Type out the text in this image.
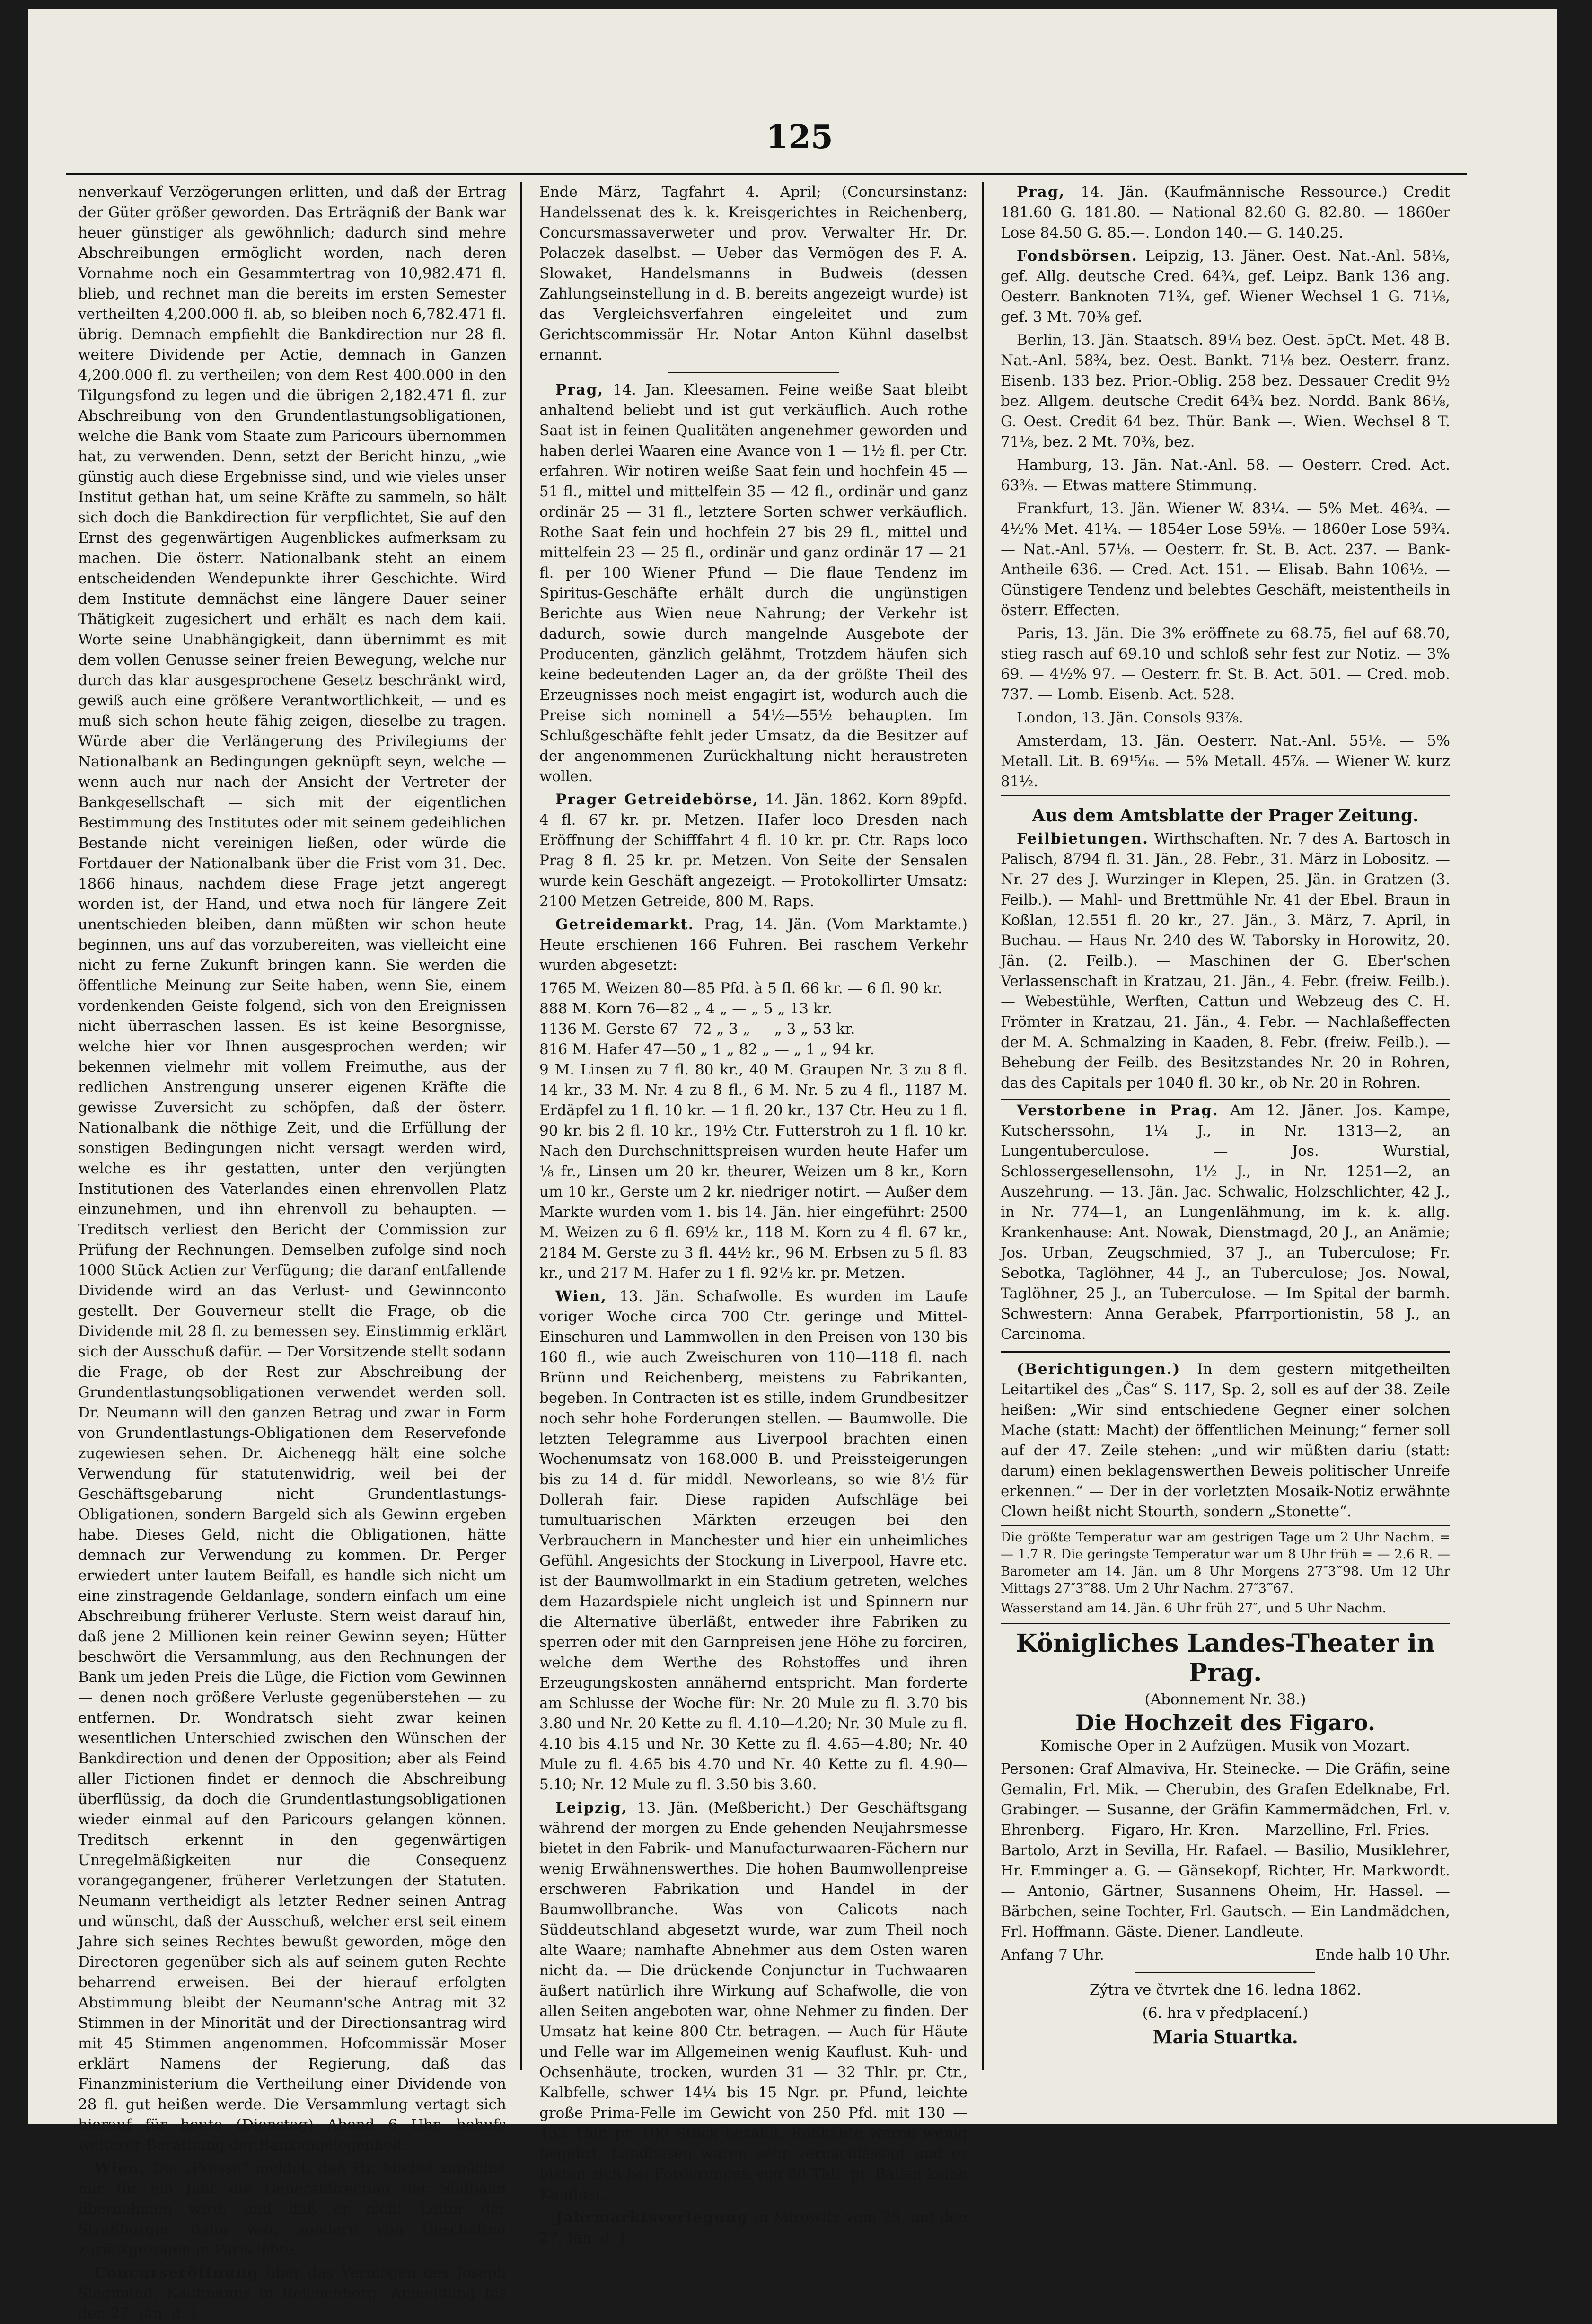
125

nenverkauf Verzögerungen erlitten, und daß der Ertrag der Güter größer geworden. Das Erträgniß der Bank war heuer günstiger als gewöhnlich; dadurch sind mehre Abschreibungen ermöglicht worden, nach deren Vornahme noch ein Gesammtertrag von 10,982.471 fl. blieb, und rechnet man die bereits im ersten Semester vertheilten 4,200.000 fl. ab, so bleiben noch 6,782.471 fl. übrig. Demnach empfiehlt die Bankdirection nur 28 fl. weitere Dividende per Actie, demnach in Ganzen 4,200.000 fl. zu vertheilen; von dem Rest 400.000 in den Tilgungsfond zu legen und die übrigen 2,182.471 fl. zur Abschreibung von den Grundentlastungsobligationen, welche die Bank vom Staate zum Paricours übernommen hat, zu verwenden. Denn, setzt der Bericht hinzu, „wie günstig auch diese Ergebnisse sind, und wie vieles unser Institut gethan hat, um seine Kräfte zu sammeln, so hält sich doch die Bankdirection für verpflichtet, Sie auf den Ernst des gegenwärtigen Augenblickes aufmerksam zu machen. Die österr. Nationalbank steht an einem entscheidenden Wendepunkte ihrer Geschichte. Wird dem Institute demnächst eine längere Dauer seiner Thätigkeit zugesichert und erhält es nach dem kaii. Worte seine Unabhängigkeit, dann übernimmt es mit dem vollen Genusse seiner freien Bewegung, welche nur durch das klar ausgesprochene Gesetz beschränkt wird, gewiß auch eine größere Verantwortlichkeit, — und es muß sich schon heute fähig zeigen, dieselbe zu tragen. Würde aber die Verlängerung des Privilegiums der Nationalbank an Bedingungen geknüpft seyn, welche — wenn auch nur nach der Ansicht der Vertreter der Bankgesellschaft — sich mit der eigentlichen Bestimmung des Institutes oder mit seinem gedeihlichen Bestande nicht vereinigen ließen, oder würde die Fortdauer der Nationalbank über die Frist vom 31. Dec. 1866 hinaus, nachdem diese Frage jetzt angeregt worden ist, der Hand, und etwa noch für längere Zeit unentschieden bleiben, dann müßten wir schon heute beginnen, uns auf das vorzubereiten, was vielleicht eine nicht zu ferne Zukunft bringen kann. Sie werden die öffentliche Meinung zur Seite haben, wenn Sie, einem vordenkenden Geiste folgend, sich von den Ereignissen nicht überraschen lassen. Es ist keine Besorgnisse, welche hier vor Ihnen ausgesprochen werden; wir bekennen vielmehr mit vollem Freimuthe, aus der redlichen Anstrengung unserer eigenen Kräfte die gewisse Zuversicht zu schöpfen, daß der österr. Nationalbank die nöthige Zeit, und die Erfüllung der sonstigen Bedingungen nicht versagt werden wird, welche es ihr gestatten, unter den verjüngten Institutionen des Vaterlandes einen ehrenvollen Platz einzunehmen, und ihn ehrenvoll zu behaupten. — Treditsch verliest den Bericht der Commission zur Prüfung der Rechnungen. Demselben zufolge sind noch 1000 Stück Actien zur Verfügung; die daranf entfallende Dividende wird an das Verlust- und Gewinnconto gestellt. Der Gouverneur stellt die Frage, ob die Dividende mit 28 fl. zu bemessen sey. Einstimmig erklärt sich der Ausschuß dafür. — Der Vorsitzende stellt sodann die Frage, ob der Rest zur Abschreibung der Grundentlastungsobligationen verwendet werden soll. Dr. Neumann will den ganzen Betrag und zwar in Form von Grundentlastungs-Obligationen dem Reservefonde zugewiesen sehen. Dr. Aichenegg hält eine solche Verwendung für statutenwidrig, weil bei der Geschäftsgebarung nicht Grundentlastungs-Obligationen, sondern Bargeld sich als Gewinn ergeben habe. Dieses Geld, nicht die Obligationen, hätte demnach zur Verwendung zu kommen. Dr. Perger erwiedert unter lautem Beifall, es handle sich nicht um eine zinstragende Geldanlage, sondern einfach um eine Abschreibung früherer Verluste. Stern weist darauf hin, daß jene 2 Millionen kein reiner Gewinn seyen; Hütter beschwört die Versammlung, aus den Rechnungen der Bank um jeden Preis die Lüge, die Fiction vom Gewinnen — denen noch größere Verluste gegenüberstehen — zu entfernen. Dr. Wondratsch sieht zwar keinen wesentlichen Unterschied zwischen den Wünschen der Bankdirection und denen der Opposition; aber als Feind aller Fictionen findet er dennoch die Abschreibung überflüssig, da doch die Grundentlastungsobligationen wieder einmal auf den Paricours gelangen können. Treditsch erkennt in den gegenwärtigen Unregelmäßigkeiten nur die Consequenz vorangegangener, früherer Verletzungen der Statuten. Neumann vertheidigt als letzter Redner seinen Antrag und wünscht, daß der Ausschuß, welcher erst seit einem Jahre sich seines Rechtes bewußt geworden, möge den Directoren gegenüber sich als auf seinem guten Rechte beharrend erweisen. Bei der hierauf erfolgten Abstimmung bleibt der Neumann'sche Antrag mit 32 Stimmen in der Minorität und der Directionsantrag wird mit 45 Stimmen angenommen. Hofcommissär Moser erklärt Namens der Regierung, daß das Finanzministerium die Vertheilung einer Dividende von 28 fl. gut heißen werde. Die Versammlung vertagt sich hierauf für heute (Dienstag) Abend 6 Uhr, behufs weiterer Berathung der Bankangelegenheit.

Wien. Die „Presse“ meldet, daß Hr. Michel zunächst nur für ein Jahr die Generaldirection der Südbahn übernehmen wird, und daß er nicht Leiter der Straßburger Bahn war, sondern von Geschäften zurückgezogen in Paris lebte.

Concurseröffnung über das Vermögen des Joseph Siegmund, Kaufmanns in Reichenberg; Anmeldung bis den 27. Jän. d. J.

Ende März, Tagfahrt 4. April; (Concursinstanz: Handelssenat des k. k. Kreisgerichtes in Reichenberg, Concursmassaverweter und prov. Verwalter Hr. Dr. Polaczek daselbst. — Ueber das Vermögen des F. A. Slowaket, Handelsmanns in Budweis (dessen Zahlungseinstellung in d. B. bereits angezeigt wurde) ist das Vergleichsverfahren eingeleitet und zum Gerichtscommissär Hr. Notar Anton Kühnl daselbst ernannt.

Prag, 14. Jan. Kleesamen. Feine weiße Saat bleibt anhaltend beliebt und ist gut verkäuflich. Auch rothe Saat ist in feinen Qualitäten angenehmer geworden und haben derlei Waaren eine Avance von 1 — 1½ fl. per Ctr. erfahren. Wir notiren weiße Saat fein und hochfein 45 — 51 fl., mittel und mittelfein 35 — 42 fl., ordinär und ganz ordinär 25 — 31 fl., letztere Sorten schwer verkäuflich. Rothe Saat fein und hochfein 27 bis 29 fl., mittel und mittelfein 23 — 25 fl., ordinär und ganz ordinär 17 — 21 fl. per 100 Wiener Pfund — Die flaue Tendenz im Spiritus-Geschäfte erhält durch die ungünstigen Berichte aus Wien neue Nahrung; der Verkehr ist dadurch, sowie durch mangelnde Ausgebote der Producenten, gänzlich gelähmt, Trotzdem häufen sich keine bedeutenden Lager an, da der größte Theil des Erzeugnisses noch meist engagirt ist, wodurch auch die Preise sich nominell a 54½—55½ behaupten. Im Schlußgeschäfte fehlt jeder Umsatz, da die Besitzer auf der angenommenen Zurückhaltung nicht heraustreten wollen.

Prager Getreidebörse, 14. Jän. 1862. Korn 89pfd. 4 fl. 67 kr. pr. Metzen. Hafer loco Dresden nach Eröffnung der Schifffahrt 4 fl. 10 kr. pr. Ctr. Raps loco Prag 8 fl. 25 kr. pr. Metzen. Von Seite der Sensalen wurde kein Geschäft angezeigt. — Protokollirter Umsatz: 2100 Metzen Getreide, 800 M. Raps.

Getreidemarkt. Prag, 14. Jän. (Vom Marktamte.) Heute erschienen 166 Fuhren. Bei raschem Verkehr wurden abgesetzt:

1765 M. Weizen 80—85 Pfd. à 5 fl. 66 kr. — 6 fl. 90 kr.
888 M. Korn 76—82 „ 4 „ — „ 5 „ 13 kr.
1136 M. Gerste 67—72 „ 3 „ — „ 3 „ 53 kr.
816 M. Hafer 47—50 „ 1 „ 82 „ — „ 1 „ 94 kr.

9 M. Linsen zu 7 fl. 80 kr., 40 M. Graupen Nr. 3 zu 8 fl. 14 kr., 33 M. Nr. 4 zu 8 fl., 6 M. Nr. 5 zu 4 fl., 1187 M. Erdäpfel zu 1 fl. 10 kr. — 1 fl. 20 kr., 137 Ctr. Heu zu 1 fl. 90 kr. bis 2 fl. 10 kr., 19½ Ctr. Futterstroh zu 1 fl. 10 kr. Nach den Durchschnittspreisen wurden heute Hafer um ⅛ fr., Linsen um 20 kr. theurer, Weizen um 8 kr., Korn um 10 kr., Gerste um 2 kr. niedriger notirt. — Außer dem Markte wurden vom 1. bis 14. Jän. hier eingeführt: 2500 M. Weizen zu 6 fl. 69½ kr., 118 M. Korn zu 4 fl. 67 kr., 2184 M. Gerste zu 3 fl. 44½ kr., 96 M. Erbsen zu 5 fl. 83 kr., und 217 M. Hafer zu 1 fl. 92½ kr. pr. Metzen.

Wien, 13. Jän. Schafwolle. Es wurden im Laufe voriger Woche circa 700 Ctr. geringe und Mittel-Einschuren und Lammwollen in den Preisen von 130 bis 160 fl., wie auch Zweischuren von 110—118 fl. nach Brünn und Reichenberg, meistens zu Fabrikanten, begeben. In Contracten ist es stille, indem Grundbesitzer noch sehr hohe Forderungen stellen. — Baumwolle. Die letzten Telegramme aus Liverpool brachten einen Wochenumsatz von 168.000 B. und Preissteigerungen bis zu 14 d. für middl. Neworleans, so wie 8½ für Dollerah fair. Diese rapiden Aufschläge bei tumultuarischen Märkten erzeugen bei den Verbrauchern in Manchester und hier ein unheimliches Gefühl. Angesichts der Stockung in Liverpool, Havre etc. ist der Baumwollmarkt in ein Stadium getreten, welches dem Hazardspiele nicht ungleich ist und Spinnern nur die Alternative überläßt, entweder ihre Fabriken zu sperren oder mit den Garnpreisen jene Höhe zu forciren, welche dem Werthe des Rohstoffes und ihren Erzeugungskosten annähernd entspricht. Man forderte am Schlusse der Woche für: Nr. 20 Mule zu fl. 3.70 bis 3.80 und Nr. 20 Kette zu fl. 4.10—4.20; Nr. 30 Mule zu fl. 4.10 bis 4.15 und Nr. 30 Kette zu fl. 4.65—4.80; Nr. 40 Mule zu fl. 4.65 bis 4.70 und Nr. 40 Kette zu fl. 4.90—5.10; Nr. 12 Mule zu fl. 3.50 bis 3.60.

Leipzig, 13. Jän. (Meßbericht.) Der Geschäftsgang während der morgen zu Ende gehenden Neujahrsmesse bietet in den Fabrik- und Manufacturwaaren-Fächern nur wenig Erwähnenswerthes. Die hohen Baumwollenpreise erschweren Fabrikation und Handel in der Baumwollbranche. Was von Calicots nach Süddeutschland abgesetzt wurde, war zum Theil noch alte Waare; namhafte Abnehmer aus dem Osten waren nicht da. — Die drückende Conjunctur in Tuchwaaren äußert natürlich ihre Wirkung auf Schafwolle, die von allen Seiten angeboten war, ohne Nehmer zu finden. Der Umsatz hat keine 800 Ctr. betragen. — Auch für Häute und Felle war im Allgemeinen wenig Kauflust. Kuh- und Ochsenhäute, trocken, wurden 31 — 32 Thlr. pr. Ctr., Kalbfelle, schwer 14¼ bis 15 Ngr. pr. Pfund, leichte große Prima-Felle im Gewicht von 250 Pfd. mit 130 — 132 Thlr. pr. 100 Stück bezahlt. Roßhäute waren wenig begehrt. Landhasen waren sehr vernachlässigt und es bieten sich bei Forderungen von 80 Thlr. pr. Ballen keine Kauflust.

Jahrmarktsverlegung in Mirowitz vom 25. auf den 27. Jän. d. J.

Prag, 14. Jän. (Kaufmännische Ressource.) Credit 181.60 G. 181.80. — National 82.60 G. 82.80. — 1860er Lose 84.50 G. 85.—. London 140.— G. 140.25.

Fondsbörsen. Leipzig, 13. Jäner. Oest. Nat.-Anl. 58⅛, gef. Allg. deutsche Cred. 64¾, gef. Leipz. Bank 136 ang. Oesterr. Banknoten 71¾, gef. Wiener Wechsel 1 G. 71⅛, gef. 3 Mt. 70⅜ gef.

Berlin, 13. Jän. Staatsch. 89¼ bez. Oest. 5pCt. Met. 48 B. Nat.-Anl. 58¾, bez. Oest. Bankt. 71⅛ bez. Oesterr. franz. Eisenb. 133 bez. Prior.-Oblig. 258 bez. Dessauer Credit 9½ bez. Allgem. deutsche Credit 64¾ bez. Nordd. Bank 86⅛, G. Oest. Credit 64 bez. Thür. Bank —. Wien. Wechsel 8 T. 71⅛, bez. 2 Mt. 70⅜, bez.

Hamburg, 13. Jän. Nat.-Anl. 58. — Oesterr. Cred. Act. 63⅜. — Etwas mattere Stimmung.

Frankfurt, 13. Jän. Wiener W. 83¼. — 5% Met. 46¾. — 4½% Met. 41¼. — 1854er Lose 59⅛. — 1860er Lose 59¾. — Nat.-Anl. 57⅛. — Oesterr. fr. St. B. Act. 237. — Bank-Antheile 636. — Cred. Act. 151. — Elisab. Bahn 106½. — Günstigere Tendenz und belebtes Geschäft, meistentheils in österr. Effecten.

Paris, 13. Jän. Die 3% eröffnete zu 68.75, fiel auf 68.70, stieg rasch auf 69.10 und schloß sehr fest zur Notiz. — 3% 69. — 4½% 97. — Oesterr. fr. St. B. Act. 501. — Cred. mob. 737. — Lomb. Eisenb. Act. 528.

London, 13. Jän. Consols 93⅞.

Amsterdam, 13. Jän. Oesterr. Nat.-Anl. 55⅛. — 5% Metall. Lit. B. 69¹⁵⁄₁₆. — 5% Metall. 45⅞. — Wiener W. kurz 81½.

Aus dem Amtsblatte der Prager Zeitung.

Feilbietungen. Wirthschaften. Nr. 7 des A. Bartosch in Palisch, 8794 fl. 31. Jän., 28. Febr., 31. März in Lobositz. — Nr. 27 des J. Wurzinger in Klepen, 25. Jän. in Gratzen (3. Feilb.). — Mahl- und Brettmühle Nr. 41 der Ebel. Braun in Koßlan, 12.551 fl. 20 kr., 27. Jän., 3. März, 7. April, in Buchau. — Haus Nr. 240 des W. Taborsky in Horowitz, 20. Jän. (2. Feilb.). — Maschinen der G. Eber'schen Verlassenschaft in Kratzau, 21. Jän., 4. Febr. (freiw. Feilb.). — Webestühle, Werften, Cattun und Webzeug des C. H. Frömter in Kratzau, 21. Jän., 4. Febr. — Nachlaßeffecten der M. A. Schmalzing in Kaaden, 8. Febr. (freiw. Feilb.). — Behebung der Feilb. des Besitzstandes Nr. 20 in Rohren, das des Capitals per 1040 fl. 30 kr., ob Nr. 20 in Rohren.

Verstorbene in Prag. Am 12. Jäner. Jos. Kampe, Kutscherssohn, 1¼ J., in Nr. 1313—2, an Lungentuberculose. — Jos. Wurstial, Schlossergesellensohn, 1½ J., in Nr. 1251—2, an Auszehrung. — 13. Jän. Jac. Schwalic, Holzschlichter, 42 J., in Nr. 774—1, an Lungenlähmung, im k. k. allg. Krankenhause: Ant. Nowak, Dienstmagd, 20 J., an Anämie; Jos. Urban, Zeugschmied, 37 J., an Tuberculose; Fr. Sebotka, Taglöhner, 44 J., an Tuberculose; Jos. Nowal, Taglöhner, 25 J., an Tuberculose. — Im Spital der barmh. Schwestern: Anna Gerabek, Pfarrportionistin, 58 J., an Carcinoma.

(Berichtigungen.) In dem gestern mitgetheilten Leitartikel des „Čas“ S. 117, Sp. 2, soll es auf der 38. Zeile heißen: „Wir sind entschiedene Gegner einer solchen Mache (statt: Macht) der öffentlichen Meinung;“ ferner soll auf der 47. Zeile stehen: „und wir müßten dariu (statt: darum) einen beklagenswerthen Beweis politischer Unreife erkennen.“ — Der in der vorletzten Mosaik-Notiz erwähnte Clown heißt nicht Stourth, sondern „Stonette“.

Die größte Temperatur war am gestrigen Tage um 2 Uhr Nachm. = — 1.7 R. Die geringste Temperatur war um 8 Uhr früh = — 2.6 R. — Barometer am 14. Jän. um 8 Uhr Morgens 27″3‴98. Um 12 Uhr Mittags 27″3‴88. Um 2 Uhr Nachm. 27″3‴67.

Wasserstand am 14. Jän. 6 Uhr früh 27″, und 5 Uhr Nachm.

Königliches Landes-Theater in Prag.

(Abonnement Nr. 38.)

Die Hochzeit des Figaro.

Komische Oper in 2 Aufzügen. Musik von Mozart.

Personen: Graf Almaviva, Hr. Steinecke. — Die Gräfin, seine Gemalin, Frl. Mik. — Cherubin, des Grafen Edelknabe, Frl. Grabinger. — Susanne, der Gräfin Kammermädchen, Frl. v. Ehrenberg. — Figaro, Hr. Kren. — Marzelline, Frl. Fries. — Bartolo, Arzt in Sevilla, Hr. Rafael. — Basilio, Musiklehrer, Hr. Emminger a. G. — Gänsekopf, Richter, Hr. Markwordt. — Antonio, Gärtner, Susannens Oheim, Hr. Hassel. — Bärbchen, seine Tochter, Frl. Gautsch. — Ein Landmädchen, Frl. Hoffmann. Gäste. Diener. Landleute.

Anfang 7 Uhr.	Ende halb 10 Uhr.

Zýtra ve čtvrtek dne 16. ledna 1862.

(6. hra v předplacení.)

Maria Stuartka.
